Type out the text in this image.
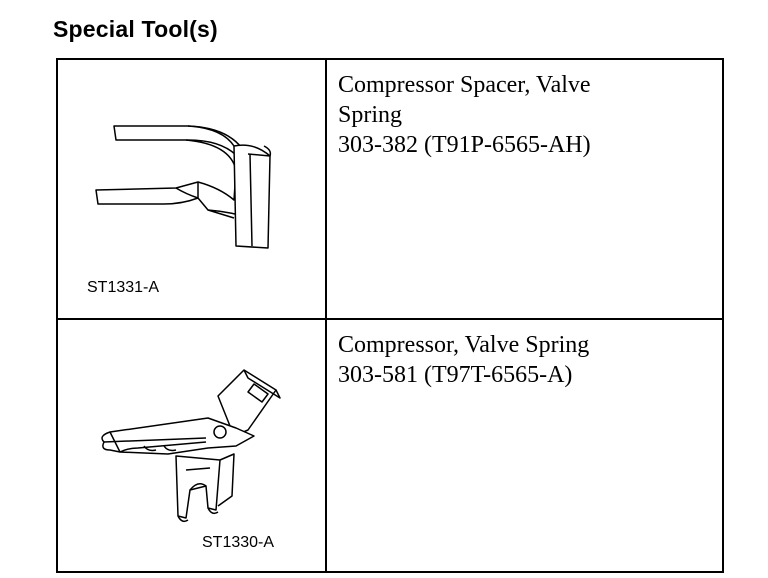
Special Tool(s)
ST1331-A
Compressor Spacer, Valve
Spring
303-382 (T91P-6565-AH)
ST1330-A
Compressor, Valve Spring
303-581 (T97T-6565-A)
